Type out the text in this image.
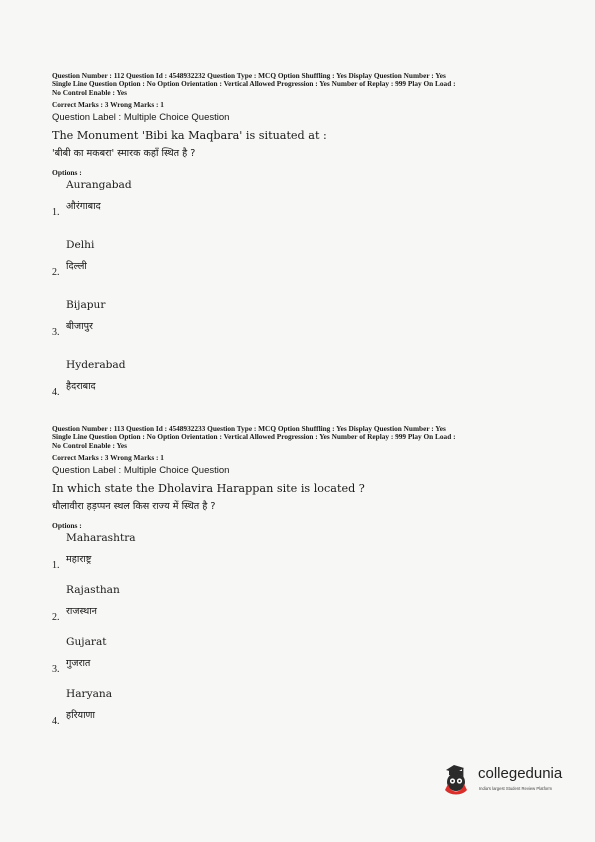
Question Number : 112 Question Id : 4548932232 Question Type : MCQ Option Shuffling : Yes Display Question Number : Yes
Single Line Question Option : No Option Orientation : Vertical Allowed Progression : Yes Number of Replay : 999 Play On Load :
No Control Enable : Yes
Correct Marks : 3 Wrong Marks : 1
Question Label : Multiple Choice Question
The Monument 'Bibi ka Maqbara' is situated at :
'बीबी का मकबरा' स्मारक कहाँ स्थित है ?
Options :
Aurangabad
औरंगाबाद
1.
Delhi
दिल्ली
2.
Bijapur
बीजापुर
3.
Hyderabad
हैदराबाद
4.
Question Number : 113 Question Id : 4548932233 Question Type : MCQ Option Shuffling : Yes Display Question Number : Yes
Single Line Question Option : No Option Orientation : Vertical Allowed Progression : Yes Number of Replay : 999 Play On Load :
No Control Enable : Yes
Correct Marks : 3 Wrong Marks : 1
Question Label : Multiple Choice Question
In which state the Dholavira Harappan site is located ?
धौलावीरा हड़प्पन स्थल किस राज्य में स्थित है ?
Options :
Maharashtra
महाराष्ट्र
1.
Rajasthan
राजस्थान
2.
Gujarat
गुजरात
3.
Haryana
हरियाणा
4.
collegedunia
India's largest Student Review Platform
